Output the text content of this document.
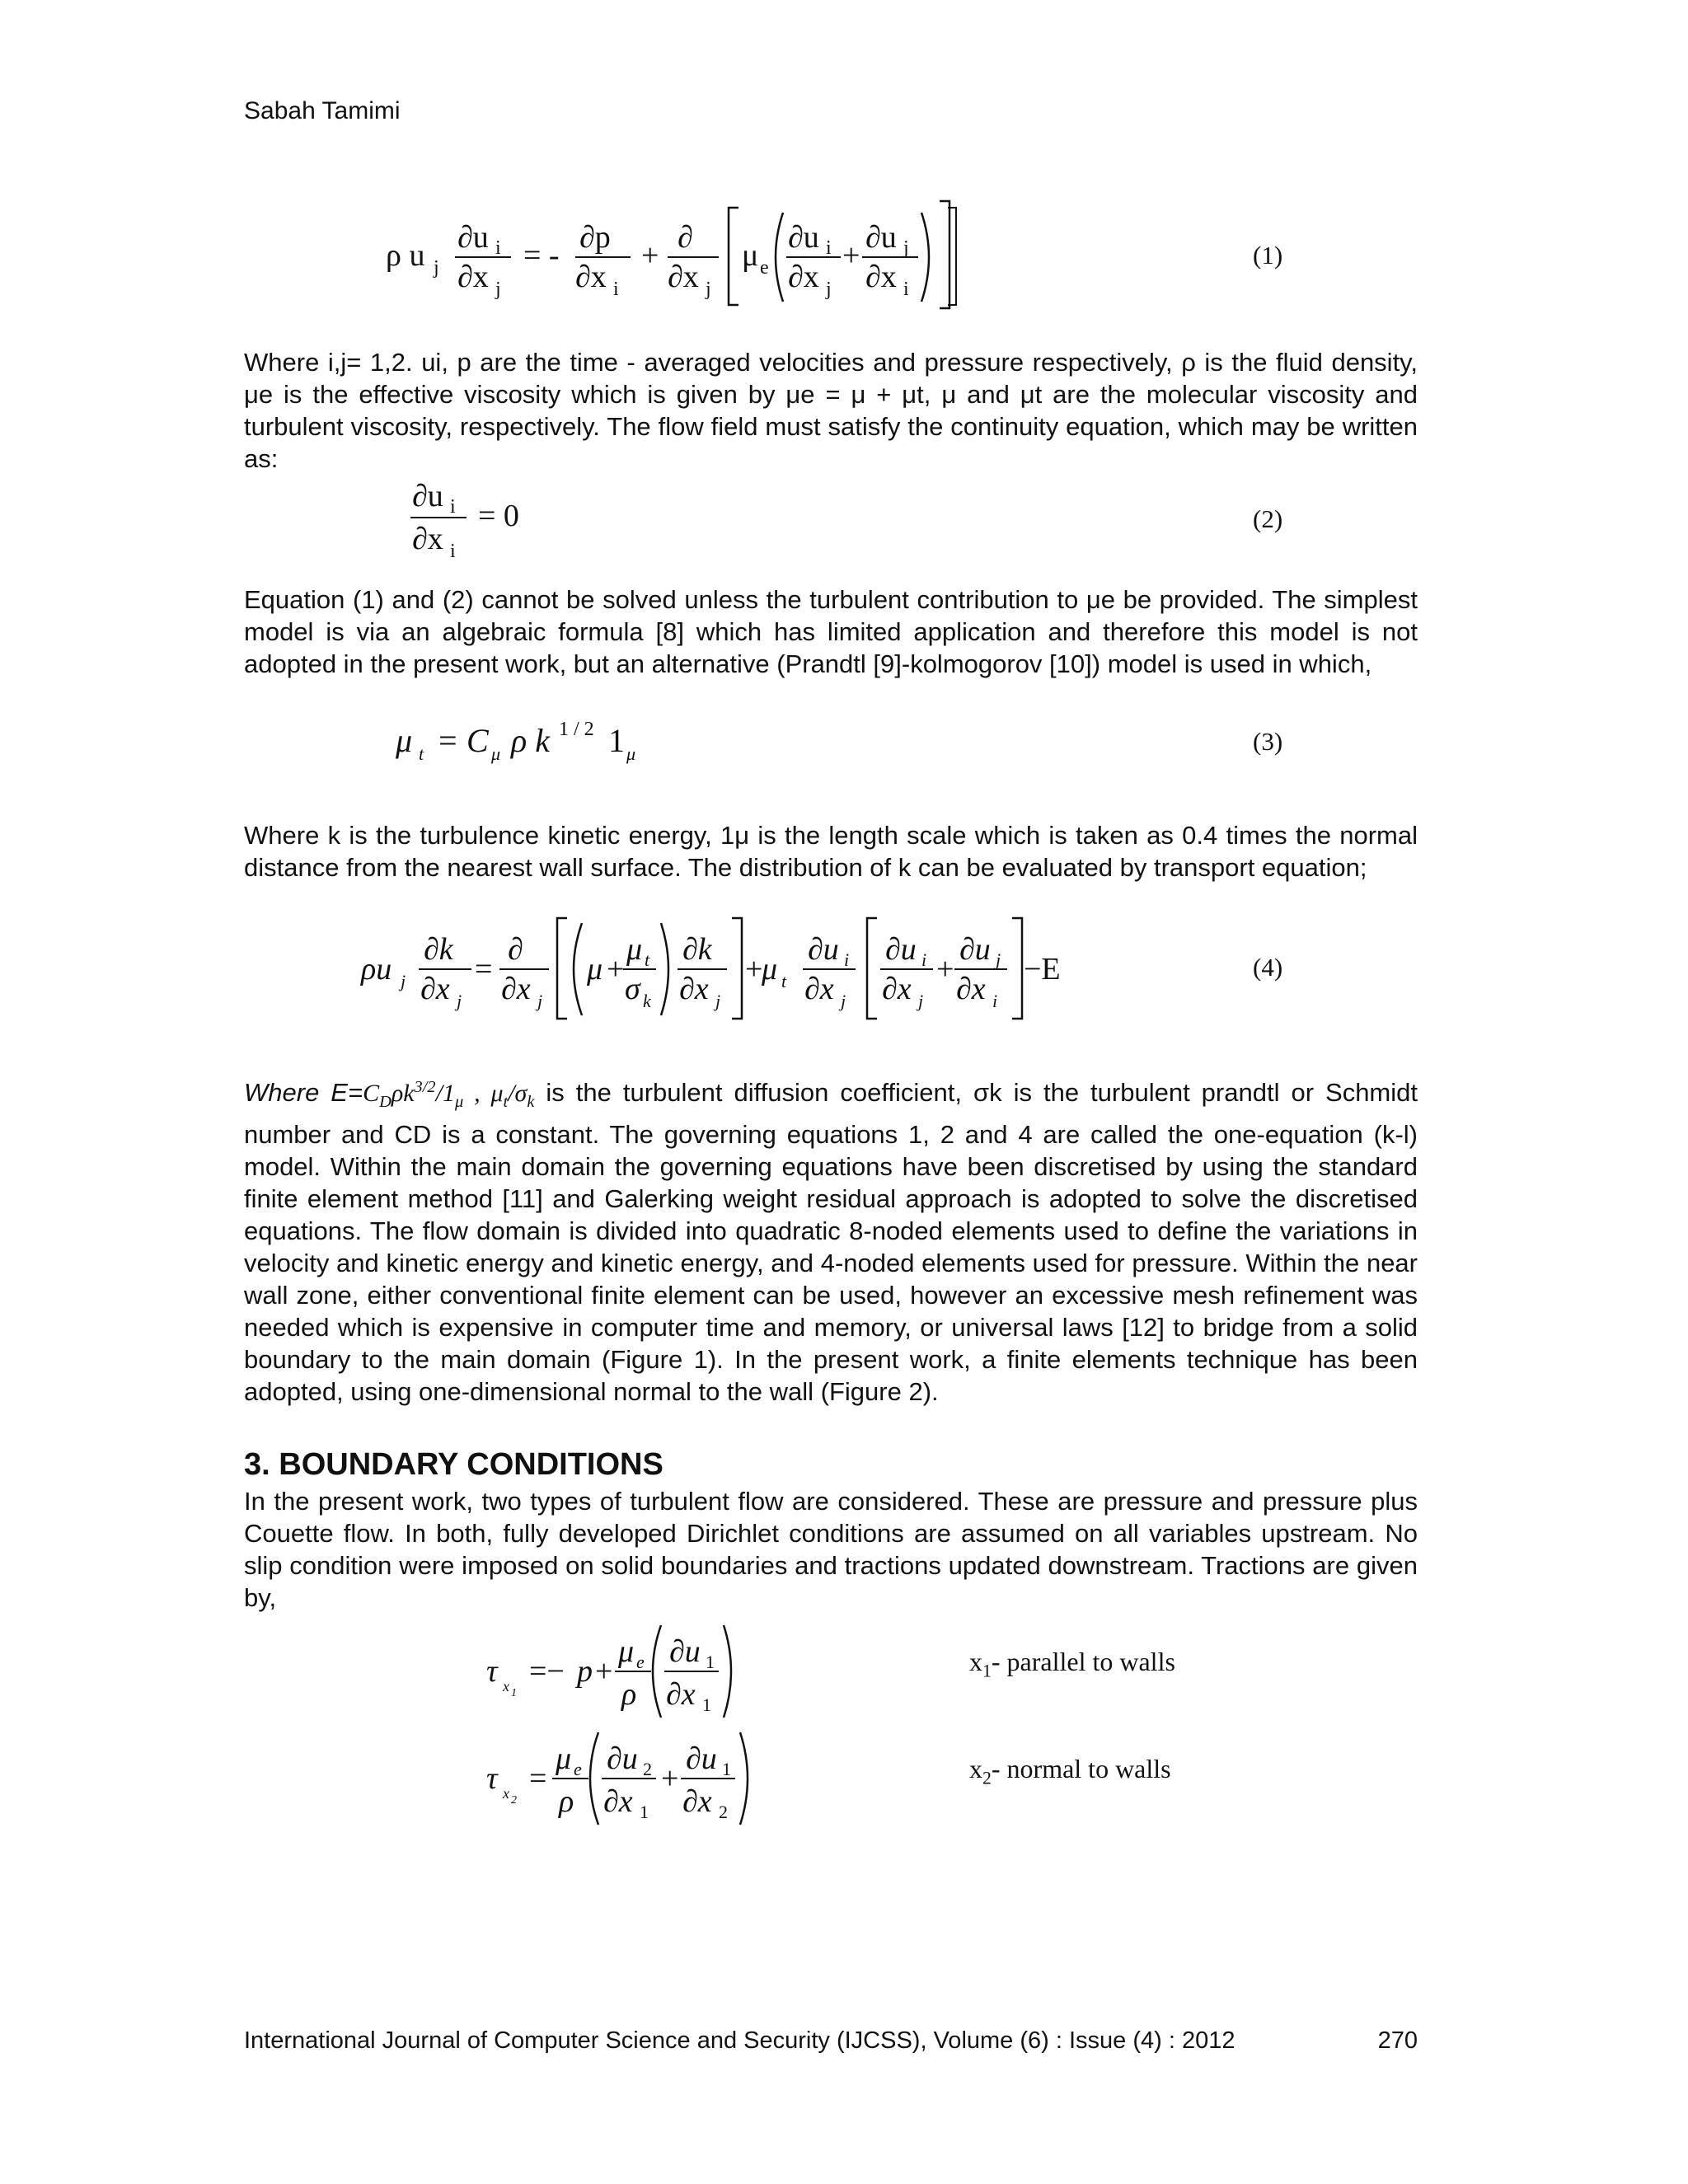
Sabah Tamimi
ρ u j
∂u i
∂x j
= -
∂p
∂x i
+
∂
∂x j
μ e
∂u i
∂x j
+
∂u j
∂x i
(1)
Where i,j= 1,2. ui, p are the time - averaged velocities and pressure respectively, ρ is the fluid density, μe is the effective viscosity which is given by μe = μ + μt, μ and μt are the molecular viscosity and turbulent viscosity, respectively. The flow field must satisfy the continuity equation, which may be written as:
∂u i
∂x i
= 0	(2)
Equation (1) and (2) cannot be solved unless the turbulent contribution to μe be provided. The simplest model is via an algebraic formula [8] which has limited application and therefore this model is not adopted in the present work, but an alternative (Prandtl [9]-kolmogorov [10]) model is used in which,
μ t = C μ ρ k 1 / 2 1 μ	(3)
Where k is the turbulence kinetic energy, 1μ is the length scale which is taken as 0.4 times the normal distance from the nearest wall surface. The distribution of k can be evaluated by transport equation;
ρu j
∂k
∂x j
=
∂
∂x j
μ +
μ t
σ k
∂k
∂x j
+
μ t
∂u i
∂x j
∂u i
∂x j
+
∂u j
∂x i
−E	(4)
Where $E=C_D\rho k^{3/2}/1_\mu$ , $\mu_t/\sigma_k$ is the turbulent diffusion coefficient, σk is the turbulent prandtl or Schmidt number and CD is a constant. The governing equations 1, 2 and 4 are called the one-equation (k-l) model. Within the main domain the governing equations have been discretised by using the standard finite element method [11] and Galerking weight residual approach is adopted to solve the discretised equations. The flow domain is divided into quadratic 8-noded elements used to define the variations in velocity and kinetic energy and kinetic energy, and 4-noded elements used for pressure. Within the near wall zone, either conventional finite element can be used, however an excessive mesh refinement was needed which is expensive in computer time and memory, or universal laws [12] to bridge from a solid boundary to the main domain (Figure 1). In the present work, a finite elements technique has been adopted, using one-dimensional normal to the wall (Figure 2).
3. BOUNDARY CONDITIONS
In the present work, two types of turbulent flow are considered. These are pressure and pressure plus Couette flow. In both, fully developed Dirichlet conditions are assumed on all variables upstream. No slip condition were imposed on solid boundaries and tractions updated downstream. Tractions are given by,
τ x 1
=− p +
μ e
ρ
∂u 1
∂x 1
$x_1-$ parallel to walls
τ x 2
=
μ e
ρ
∂u 2
∂x 1
+
∂u 1
∂x 2
$x_2-$ normal to walls
International Journal of Computer Science and Security (IJCSS), Volume (6) : Issue (4) : 2012	270
